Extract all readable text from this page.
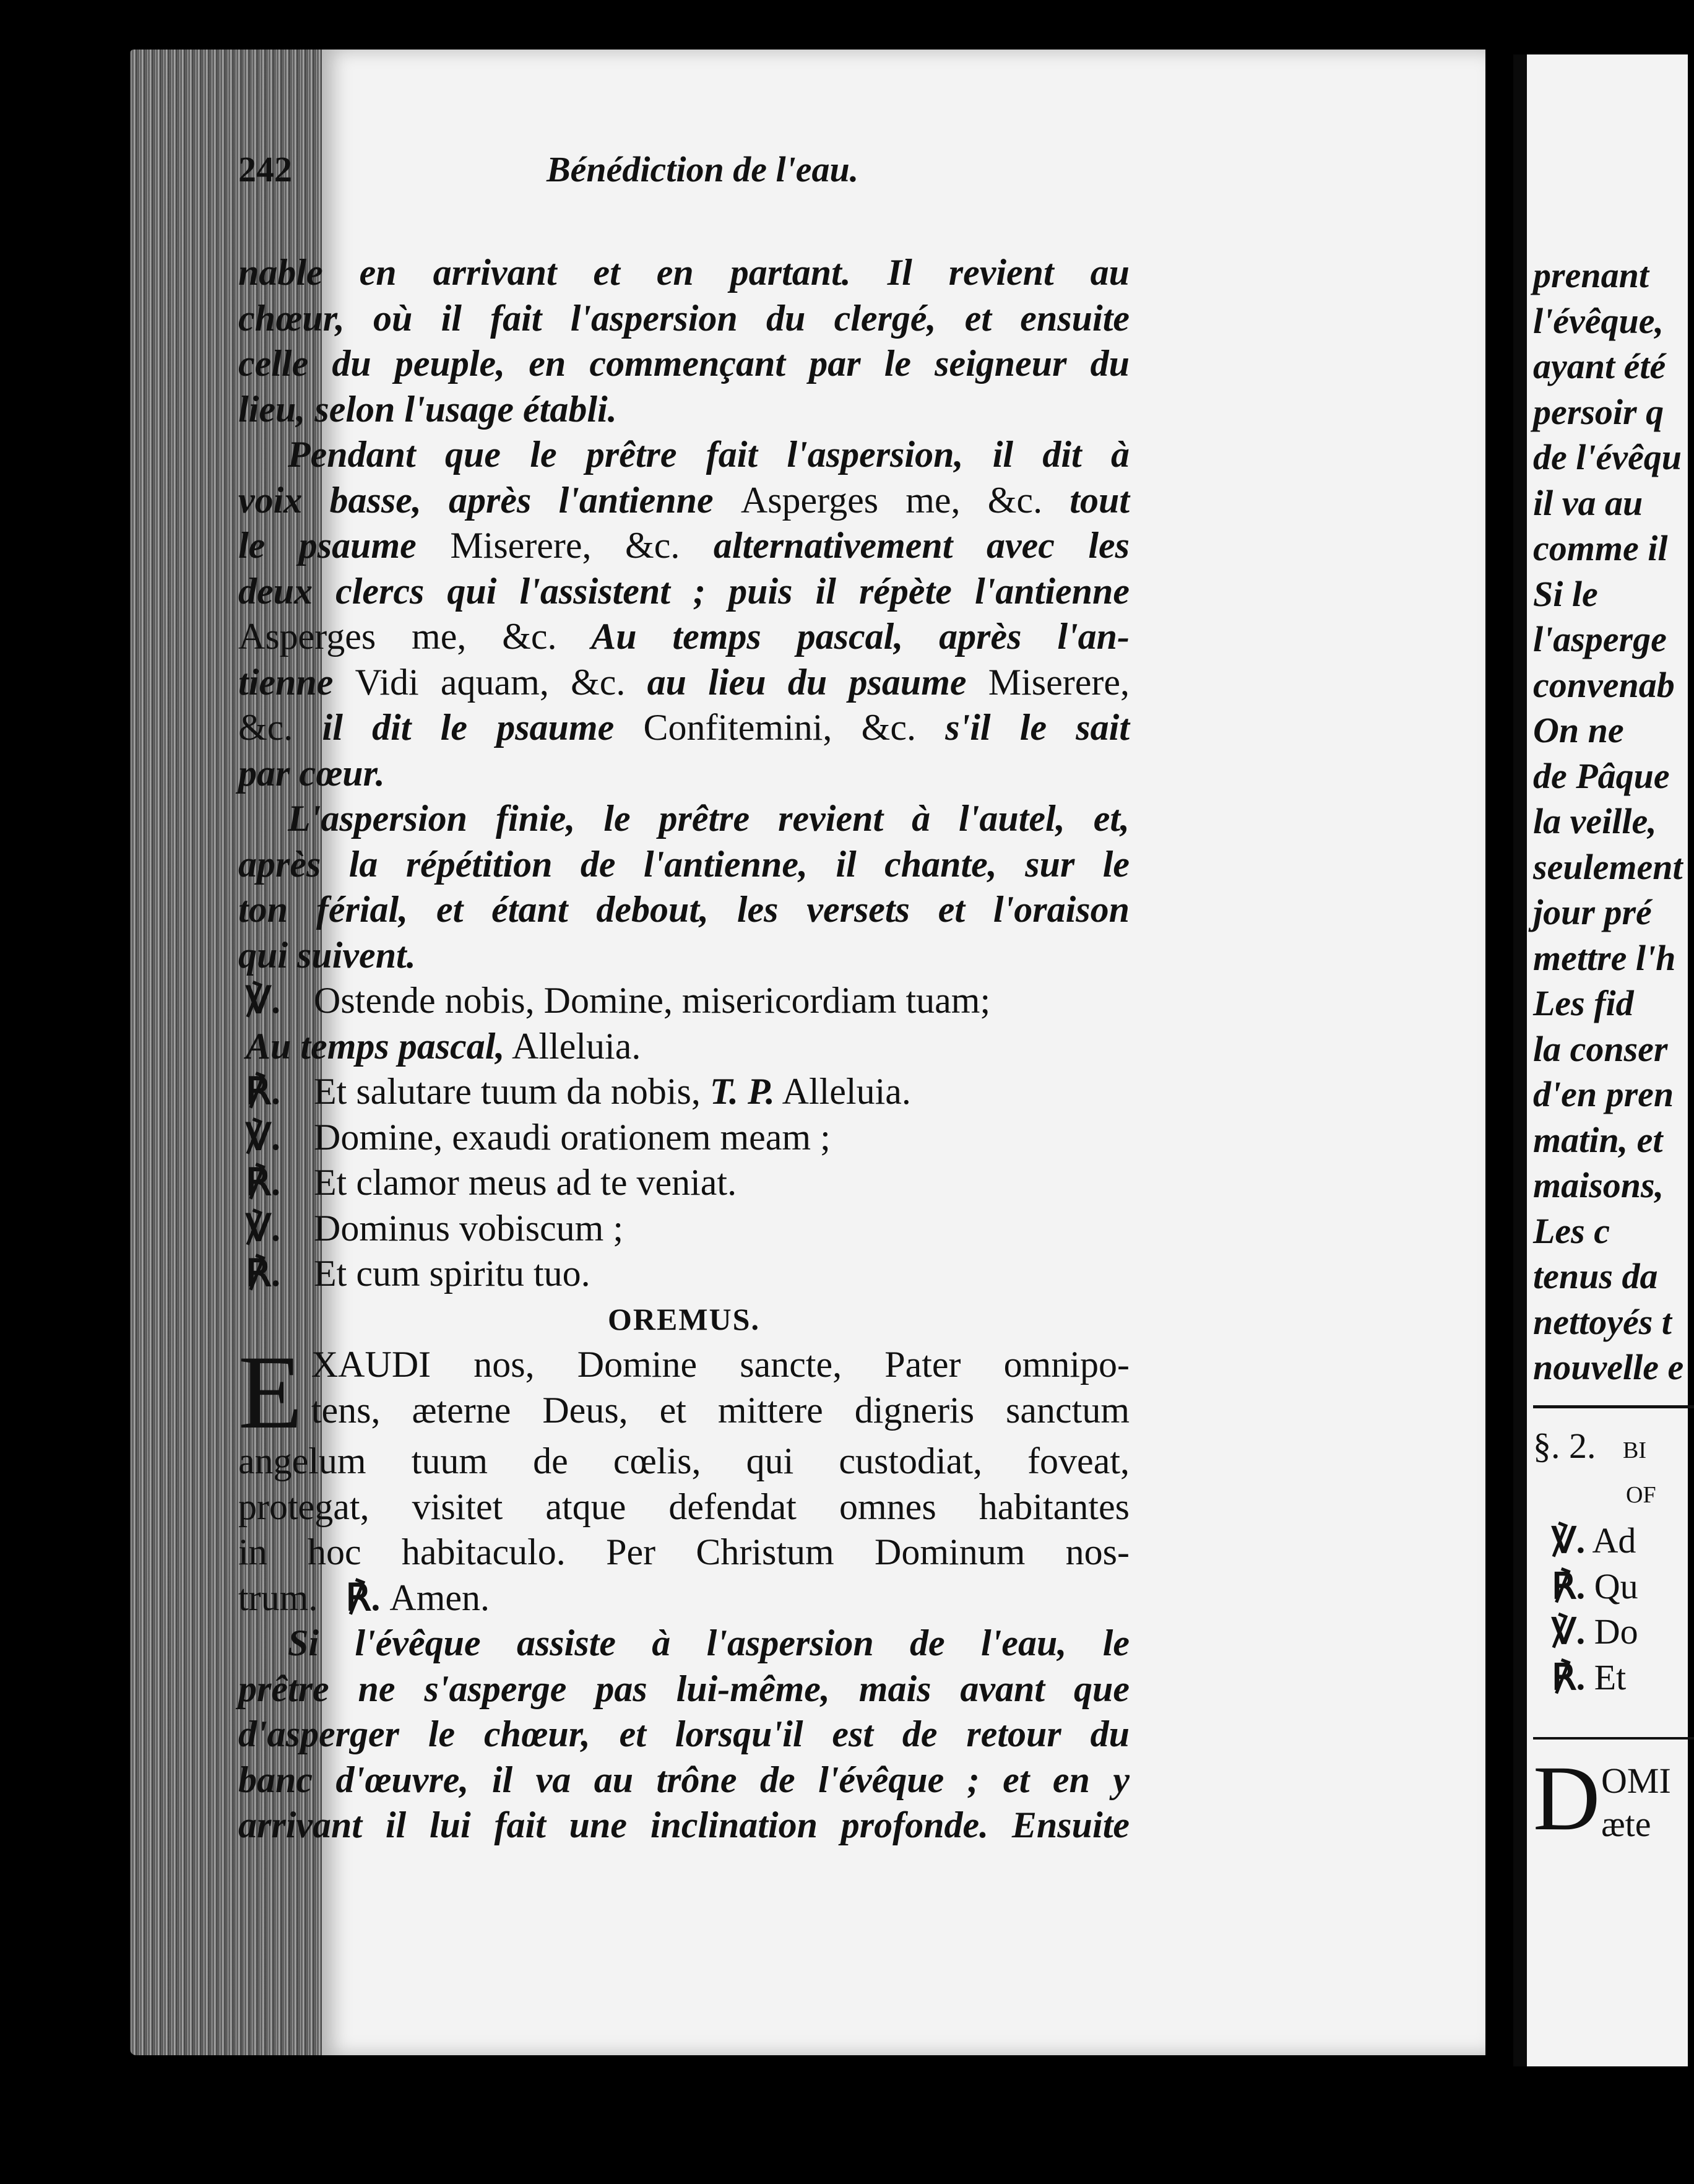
242	Bénédiction de l'eau.
nable en arrivant et en partant. Il revient au
chœur, où il fait l'aspersion du clergé, et ensuite
celle du peuple, en commençant par le seigneur du
lieu, selon l'usage établi.
Pendant que le prêtre fait l'aspersion, il dit à
voix basse, après l'antienne Asperges me, &c. tout
le psaume Miserere, &c. alternativement avec les
deux clercs qui l'assistent ; puis il répète l'antienne
Asperges me, &c. Au temps pascal, après l'an-
tienne Vidi aquam, &c. au lieu du psaume Miserere,
&c. il dit le psaume Confitemini, &c. s'il le sait
par cœur.
L'aspersion finie, le prêtre revient à l'autel, et,
après la répétition de l'antienne, il chante, sur le
ton férial, et étant debout, les versets et l'oraison
qui suivent.
℣. Ostende nobis, Domine, misericordiam tuam;
Au temps pascal, Alleluia.
℟. Et salutare tuum da nobis, T. P. Alleluia.
℣. Domine, exaudi orationem meam ;
℟. Et clamor meus ad te veniat.
℣. Dominus vobiscum ;
℟. Et cum spiritu tuo.
OREMUS.
E XAUDI nos, Domine sancte, Pater omnipo-
tens, æterne Deus, et mittere digneris sanctum
angelum tuum de cœlis, qui custodiat, foveat,
protegat, visitet atque defendat omnes habitantes
in hoc habitaculo. Per Christum Dominum nos-
trum. ℟. Amen.
Si l'évêque assiste à l'aspersion de l'eau, le
prêtre ne s'asperge pas lui-même, mais avant que
d'asperger le chœur, et lorsqu'il est de retour du
banc d'œuvre, il va au trône de l'évêque ; et en y
arrivant il lui fait une inclination profonde. Ensuite
prenant
l'évêque,
ayant été
persoir q
de l'évêqu
il va au
comme il
Si le
l'asperge
convenab
On ne
de Pâque
la veille,
seulement
jour pré
mettre l'h
Les fid
la conser
d'en pren
matin, et
maisons,
Les c
tenus da
nettoyés t
nouvelle e
§. 2. BI
OF
℣. Ad
℟. Qu
℣. Do
℟. Et
D OMI
æte
